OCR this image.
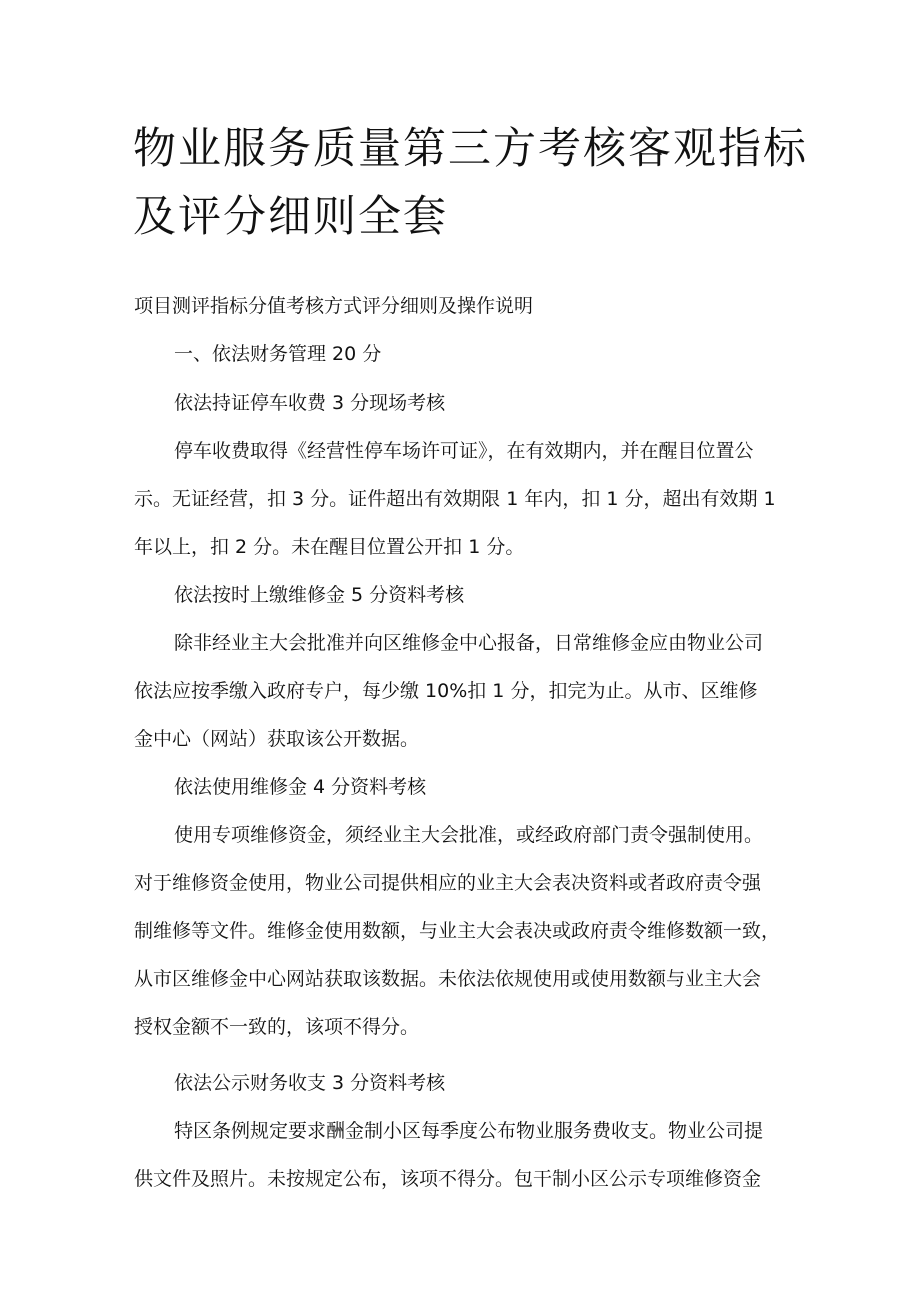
物业服务质量第三方考核客观指标
及评分细则全套

项目测评指标分值考核方式评分细则及操作说明

一、依法财务管理 20 分

依法持证停车收费 3 分现场考核

停车收费取得《经营性停车场许可证》，在有效期内，并在醒目位置公

示。无证经营，扣 3 分。证件超出有效期限 1 年内，扣 1 分，超出有效期 1

年以上，扣 2 分。未在醒目位置公开扣 1 分。

依法按时上缴维修金 5 分资料考核

除非经业主大会批准并向区维修金中心报备，日常维修金应由物业公司

依法应按季缴入政府专户，每少缴 10%扣 1 分，扣完为止。从市、区维修

金中心（网站）获取该公开数据。

依法使用维修金 4 分资料考核

使用专项维修资金，须经业主大会批准，或经政府部门责令强制使用。

对于维修资金使用，物业公司提供相应的业主大会表决资料或者政府责令强

制维修等文件。维修金使用数额，与业主大会表决或政府责令维修数额一致，

从市区维修金中心网站获取该数据。未依法依规使用或使用数额与业主大会

授权金额不一致的，该项不得分。

依法公示财务收支 3 分资料考核

特区条例规定要求酬金制小区每季度公布物业服务费收支。物业公司提

供文件及照片。未按规定公布，该项不得分。包干制小区公示专项维修资金
